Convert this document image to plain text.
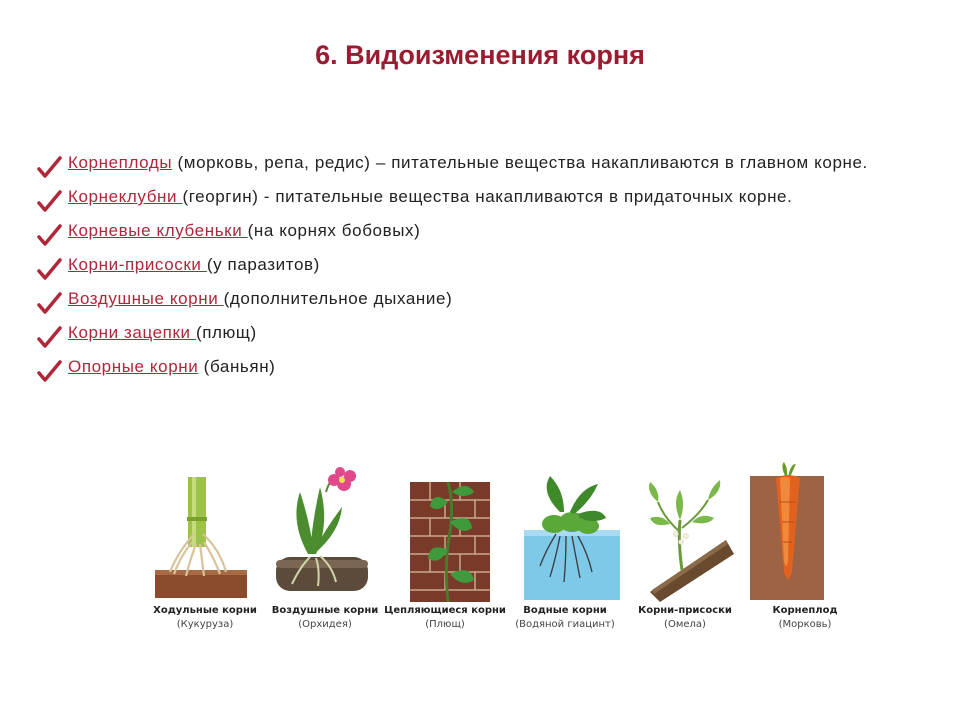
6. Видоизменения корня
Корнеплоды (морковь, репа, редис) – питательные вещества накапливаются в главном корне.
Корнеклубни (георгин) - питательные вещества накапливаются в придаточных корне.
Корневые клубеньки (на корнях бобовых)
Корни-присоски (у паразитов)
Воздушные корни (дополнительное дыхание)
Корни зацепки (плющ)
Опорные корни (баньян)
Ходульные корни
(Кукуруза)
Воздушные корни
(Орхидея)
Цепляющиеся корни
(Плющ)
Водные корни
(Водяной гиацинт)
Корни-присоски
(Омела)
Корнеплод
(Морковь)
